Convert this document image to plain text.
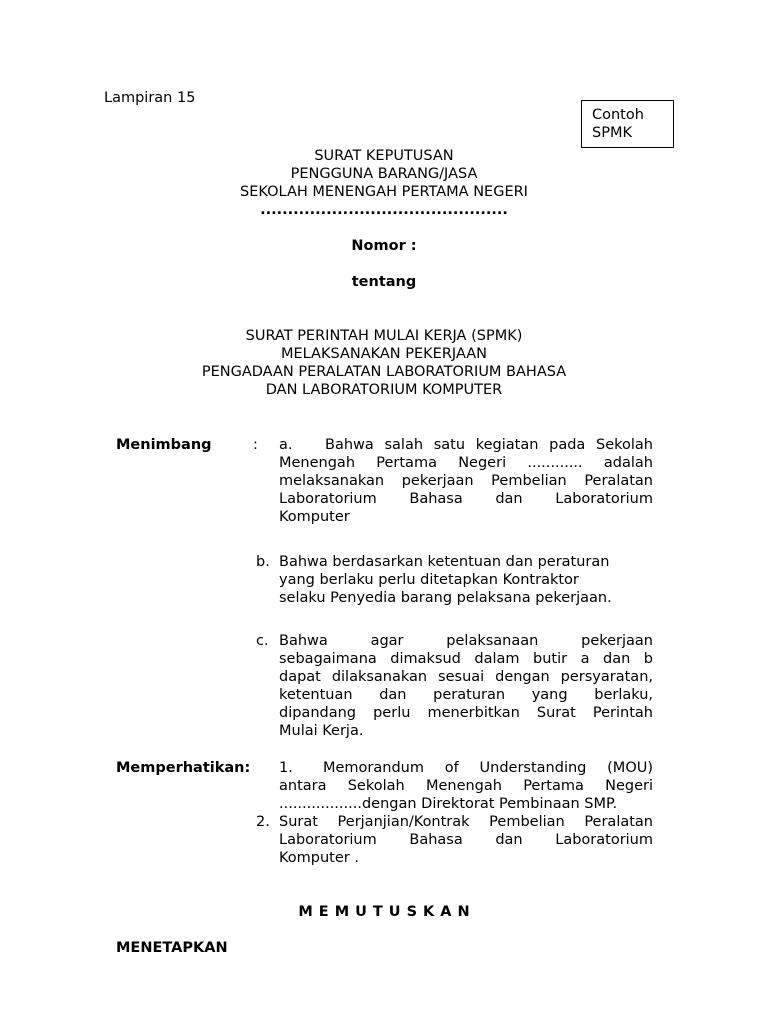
Lampiran 15
Contoh
SPMK
SURAT KEPUTUSAN
PENGGUNA BARANG/JASA
SEKOLAH MENENGAH PERTAMA NEGERI
.............................................
Nomor :
tentang
SURAT PERINTAH MULAI KERJA (SPMK)
MELAKSANAKAN PEKERJAAN
PENGADAAN PERALATAN LABORATORIUM BAHASA
DAN LABORATORIUM KOMPUTER
Menimbang	: a. Bahwa salah satu kegiatan pada Sekolah

Menengah Pertama Negeri ............ adalah

melaksanakan pekerjaan Pembelian Peralatan

Laboratorium Bahasa dan Laboratorium

Komputer

b. Bahwa berdasarkan ketentuan dan peraturan

yang berlaku perlu ditetapkan Kontraktor

selaku Penyedia barang pelaksana pekerjaan.

c. Bahwa agar pelaksanaan pekerjaan

sebagaimana dimaksud dalam butir a dan b

dapat dilaksanakan sesuai dengan persyaratan,

ketentuan dan peraturan yang berlaku,

dipandang perlu menerbitkan Surat Perintah

Mulai Kerja.

Memperhatikan: 1. Memorandum of Understanding (MOU)

antara Sekolah Menengah Pertama Negeri

..................dengan Direktorat Pembinaan SMP.

2. Surat Perjanjian/Kontrak Pembelian Peralatan

Laboratorium Bahasa dan Laboratorium

Komputer .

MEMUTUSKAN
MENETAPKAN
